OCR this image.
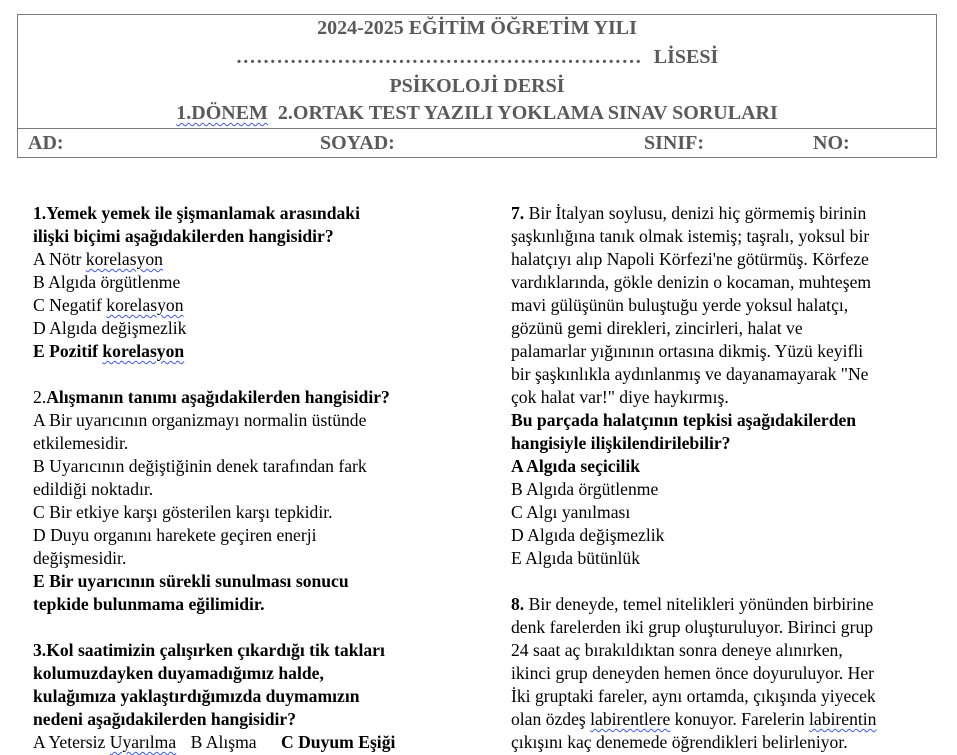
2024-2025 EĞİTİM ÖĞRETİM YILI
…………………………………………………… LİSESİ
PSİKOLOJİ DERSİ
1.DÖNEM 2.ORTAK TEST YAZILI YOKLAMA SINAV SORULARI
AD:	SOYAD:	SINIF:	NO:
1.Yemek yemek ile şişmanlamak arasındaki
ilişki biçimi aşağıdakilerden hangisidir?
A Nötr korelasyon
B Algıda örgütlenme
C Negatif korelasyon
D Algıda değişmezlik
E Pozitif korelasyon
2.Alışmanın tanımı aşağıdakilerden hangisidir?
A Bir uyarıcının organizmayı normalin üstünde
etkilemesidir.
B Uyarıcının değiştiğinin denek tarafından fark
edildiği noktadır.
C Bir etkiye karşı gösterilen karşı tepkidir.
D Duyu organını harekete geçiren enerji
değişmesidir.
E Bir uyarıcının sürekli sunulması sonucu
tepkide bulunmama eğilimidir.
3.Kol saatimizin çalışırken çıkardığı tik takları
kolumuzdayken duyamadığımız halde,
kulağımıza yaklaştırdığımızda duymamızın
nedeni aşağıdakilerden hangisidir?
A Yetersiz Uyarılma B Alışma C Duyum Eşiği
7. Bir İtalyan soylusu, denizi hiç görmemiş birinin
şaşkınlığına tanık olmak istemiş; taşralı, yoksul bir
halatçıyı alıp Napoli Körfezi'ne götürmüş. Körfeze
vardıklarında, gökle denizin o kocaman, muhteşem
mavi gülüşünün buluştuğu yerde yoksul halatçı,
gözünü gemi direkleri, zincirleri, halat ve
palamarlar yığınının ortasına dikmiş. Yüzü keyifli
bir şaşkınlıkla aydınlanmış ve dayanamayarak "Ne
çok halat var!" diye haykırmış.
Bu parçada halatçının tepkisi aşağıdakilerden
hangisiyle ilişkilendirilebilir?
A Algıda seçicilik
B Algıda örgütlenme
C Algı yanılması
D Algıda değişmezlik
E Algıda bütünlük
8. Bir deneyde, temel nitelikleri yönünden birbirine
denk farelerden iki grup oluşturuluyor. Birinci grup
24 saat aç bırakıldıktan sonra deneye alınırken,
ikinci grup deneyden hemen önce doyuruluyor. Her
İki gruptaki fareler, aynı ortamda, çıkışında yiyecek
olan özdeş labirentlere konuyor. Farelerin labirentin
çıkışını kaç denemede öğrendikleri belirleniyor.
